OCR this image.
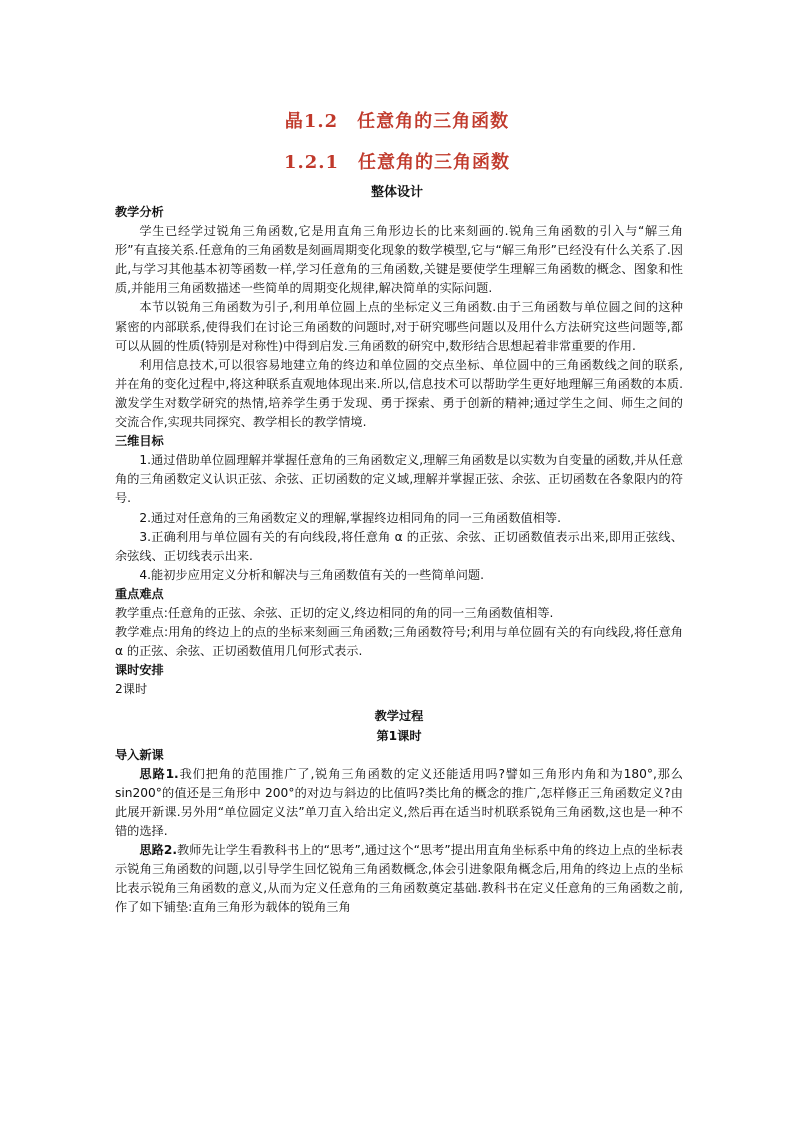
晶1.2　任意角的三角函数
1.2.1　任意角的三角函数
整体设计
教学分析
学生已经学过锐角三角函数,它是用直角三角形边长的比来刻画的.锐角三角函数的引入与“解三角形”有直接关系.任意角的三角函数是刻画周期变化现象的数学模型,它与“解三角形”已经没有什么关系了.因此,与学习其他基本初等函数一样,学习任意角的三角函数,关键是要使学生理解三角函数的概念、图象和性质,并能用三角函数描述一些简单的周期变化规律,解决简单的实际问题.
本节以锐角三角函数为引子,利用单位圆上点的坐标定义三角函数.由于三角函数与单位圆之间的这种紧密的内部联系,使得我们在讨论三角函数的问题时,对于研究哪些问题以及用什么方法研究这些问题等,都可以从圆的性质(特别是对称性)中得到启发.三角函数的研究中,数形结合思想起着非常重要的作用.
利用信息技术,可以很容易地建立角的终边和单位圆的交点坐标、单位圆中的三角函数线之间的联系,并在角的变化过程中,将这种联系直观地体现出来.所以,信息技术可以帮助学生更好地理解三角函数的本质.激发学生对数学研究的热情,培养学生勇于发现、勇于探索、勇于创新的精神;通过学生之间、师生之间的交流合作,实现共同探究、教学相长的教学情境.
三维目标
1.通过借助单位圆理解并掌握任意角的三角函数定义,理解三角函数是以实数为自变量的函数,并从任意角的三角函数定义认识正弦、余弦、正切函数的定义域,理解并掌握正弦、余弦、正切函数在各象限内的符号.
2.通过对任意角的三角函数定义的理解,掌握终边相同角的同一三角函数值相等.
3.正确利用与单位圆有关的有向线段,将任意角 α 的正弦、余弦、正切函数值表示出来,即用正弦线、余弦线、正切线表示出来.
4.能初步应用定义分析和解决与三角函数值有关的一些简单问题.
重点难点
教学重点:任意角的正弦、余弦、正切的定义,终边相同的角的同一三角函数值相等.
教学难点:用角的终边上的点的坐标来刻画三角函数;三角函数符号;利用与单位圆有关的有向线段,将任意角 α 的正弦、余弦、正切函数值用几何形式表示.
课时安排
2课时
教学过程
第1课时
导入新课
思路1.我们把角的范围推广了,锐角三角函数的定义还能适用吗?譬如三角形内角和为180°,那么 sin200°的值还是三角形中 200°的对边与斜边的比值吗?类比角的概念的推广,怎样修正三角函数定义?由此展开新课.另外用“单位圆定义法”单刀直入给出定义,然后再在适当时机联系锐角三角函数,这也是一种不错的选择.
思路2.教师先让学生看教科书上的“思考”,通过这个“思考”提出用直角坐标系中角的终边上点的坐标表示锐角三角函数的问题,以引导学生回忆锐角三角函数概念,体会引进象限角概念后,用角的终边上点的坐标比表示锐角三角函数的意义,从而为定义任意角的三角函数奠定基础.教科书在定义任意角的三角函数之前,作了如下铺垫:直角三角形为载体的锐角三角
